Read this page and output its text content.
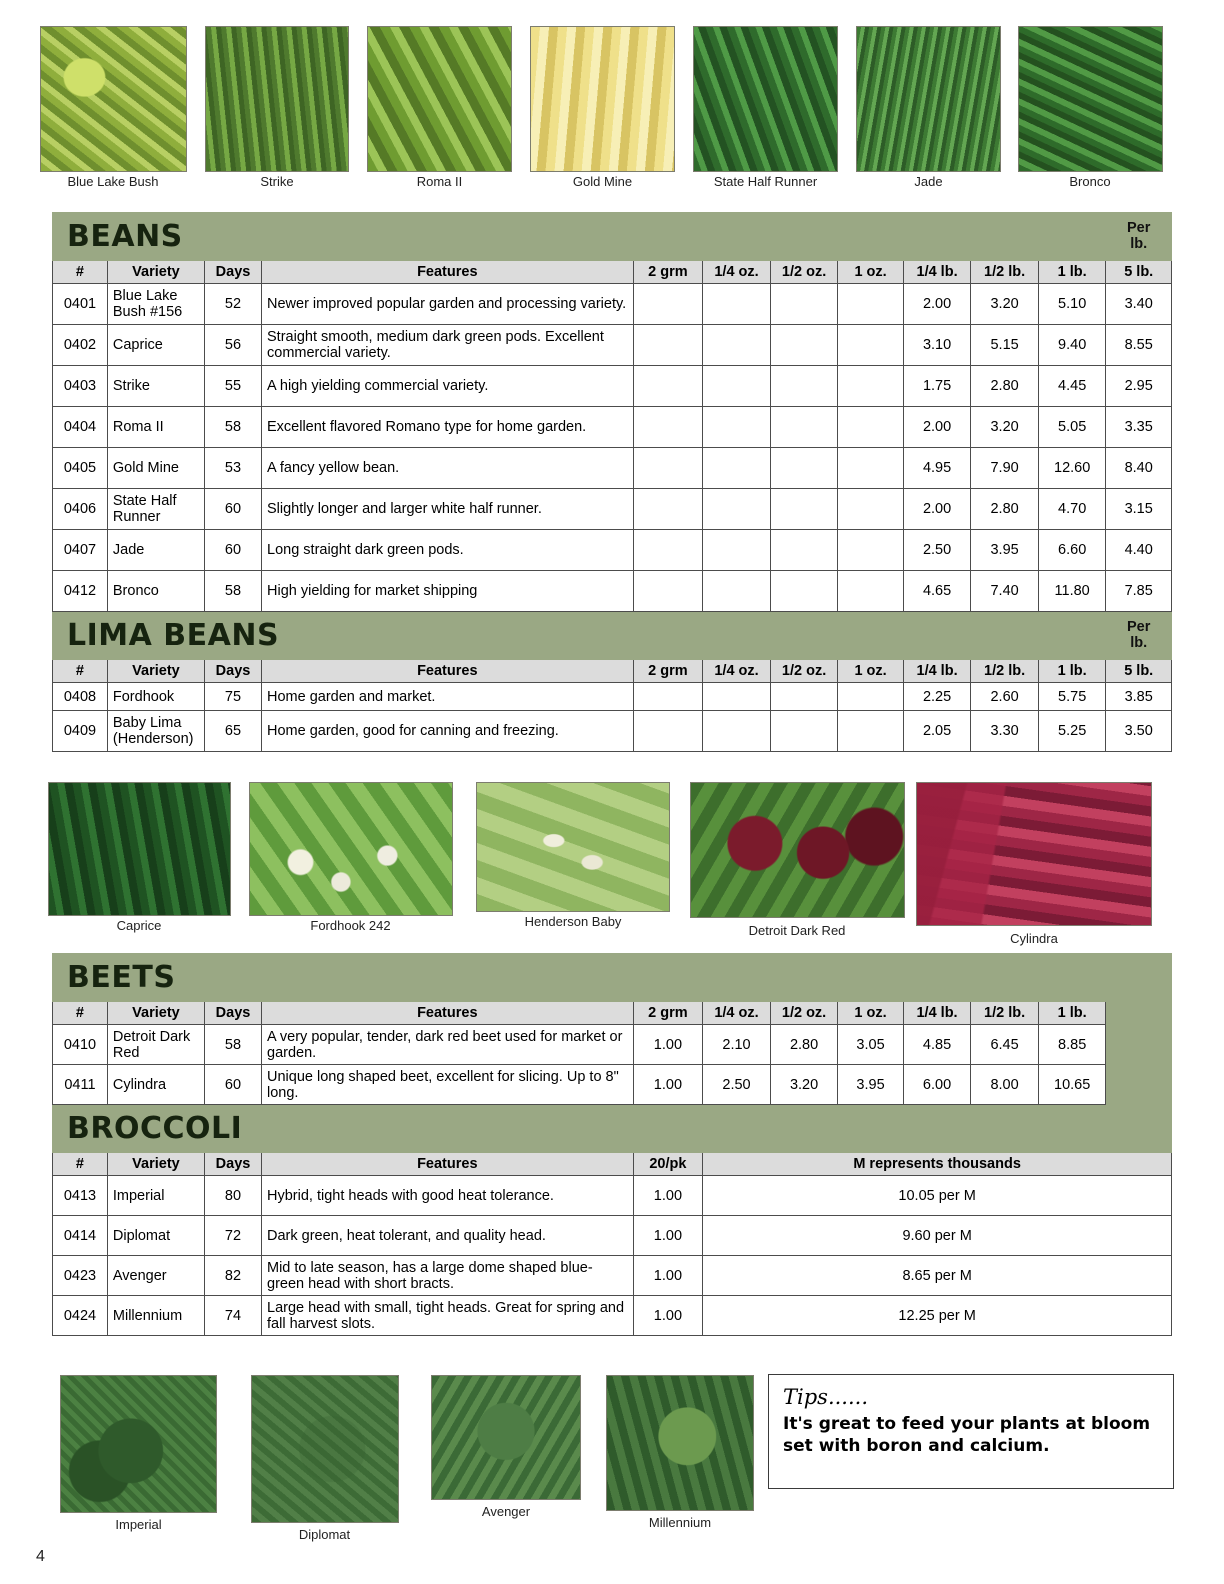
Blue Lake Bush	Strike	Roma II	Gold Mine	State Half Runner	Jade	Bronco
BEANS											Per
lb.

#	Variety	Days	Features	2 grm	1/4 oz.	1/2 oz.	1 oz.	1/4 lb.	1/2 lb.	1 lb.	5 lb.
0401	Blue Lake Bush #156	52	Newer improved popular garden and processing variety.					2.00	3.20	5.10	3.40
0402	Caprice	56	Straight smooth, medium dark green pods. Excellent commercial variety.					3.10	5.15	9.40	8.55
0403	Strike	55	A high yielding commercial variety.					1.75	2.80	4.45	2.95
0404	Roma II	58	Excellent flavored Romano type for home garden.					2.00	3.20	5.05	3.35
0405	Gold Mine	53	A fancy yellow bean.					4.95	7.90	12.60	8.40
0406	State Half Runner	60	Slightly longer and larger white half runner.					2.00	2.80	4.70	3.15
0407	Jade	60	Long straight dark green pods.					2.50	3.95	6.60	4.40
0412	Bronco	58	High yielding for market shipping					4.65	7.40	11.80	7.85

LIMA BEANS											Per
lb.

#	Variety	Days	Features	2 grm	1/4 oz.	1/2 oz.	1 oz.	1/4 lb.	1/2 lb.	1 lb.	5 lb.
0408	Fordhook	75	Home garden and market.					2.25	2.60	5.75	3.85
0409	Baby Lima (Henderson)	65	Home garden, good for canning and freezing.					2.05	3.30	5.25	3.50
Caprice	Fordhook 242	Henderson Baby
Detroit Dark Red
Cylindra
BEETS											

#	Variety	Days	Features	2 grm	1/4 oz.	1/2 oz.	1 oz.	1/4 lb.	1/2 lb.	1 lb.	
0410	Detroit Dark Red	58	A very popular, tender, dark red beet used for market or garden.	1.00	2.10	2.80	3.05	4.85	6.45	8.85	
0411	Cylindra	60	Unique long shaped beet, excellent for slicing. Up to 8" long.	1.00	2.50	3.20	3.95	6.00	8.00	10.65	

BROCCOLI											

#	Variety	Days	Features	20/pk	M represents thousands						
0413	Imperial	80	Hybrid, tight heads with good heat tolerance.	1.00	10.05 per M						
0414	Diplomat	72	Dark green, heat tolerant, and quality head.	1.00	9.60 per M						
0423	Avenger	82	Mid to late season, has a large dome shaped blue-green head with short bracts.	1.00	8.65 per M						
0424	Millennium	74	Large head with small, tight heads. Great for spring and fall harvest slots.	1.00	12.25 per M						
Imperial
Diplomat
Avenger
Millennium
Tips......
It's great to feed your plants at bloom set with boron and calcium.
4
